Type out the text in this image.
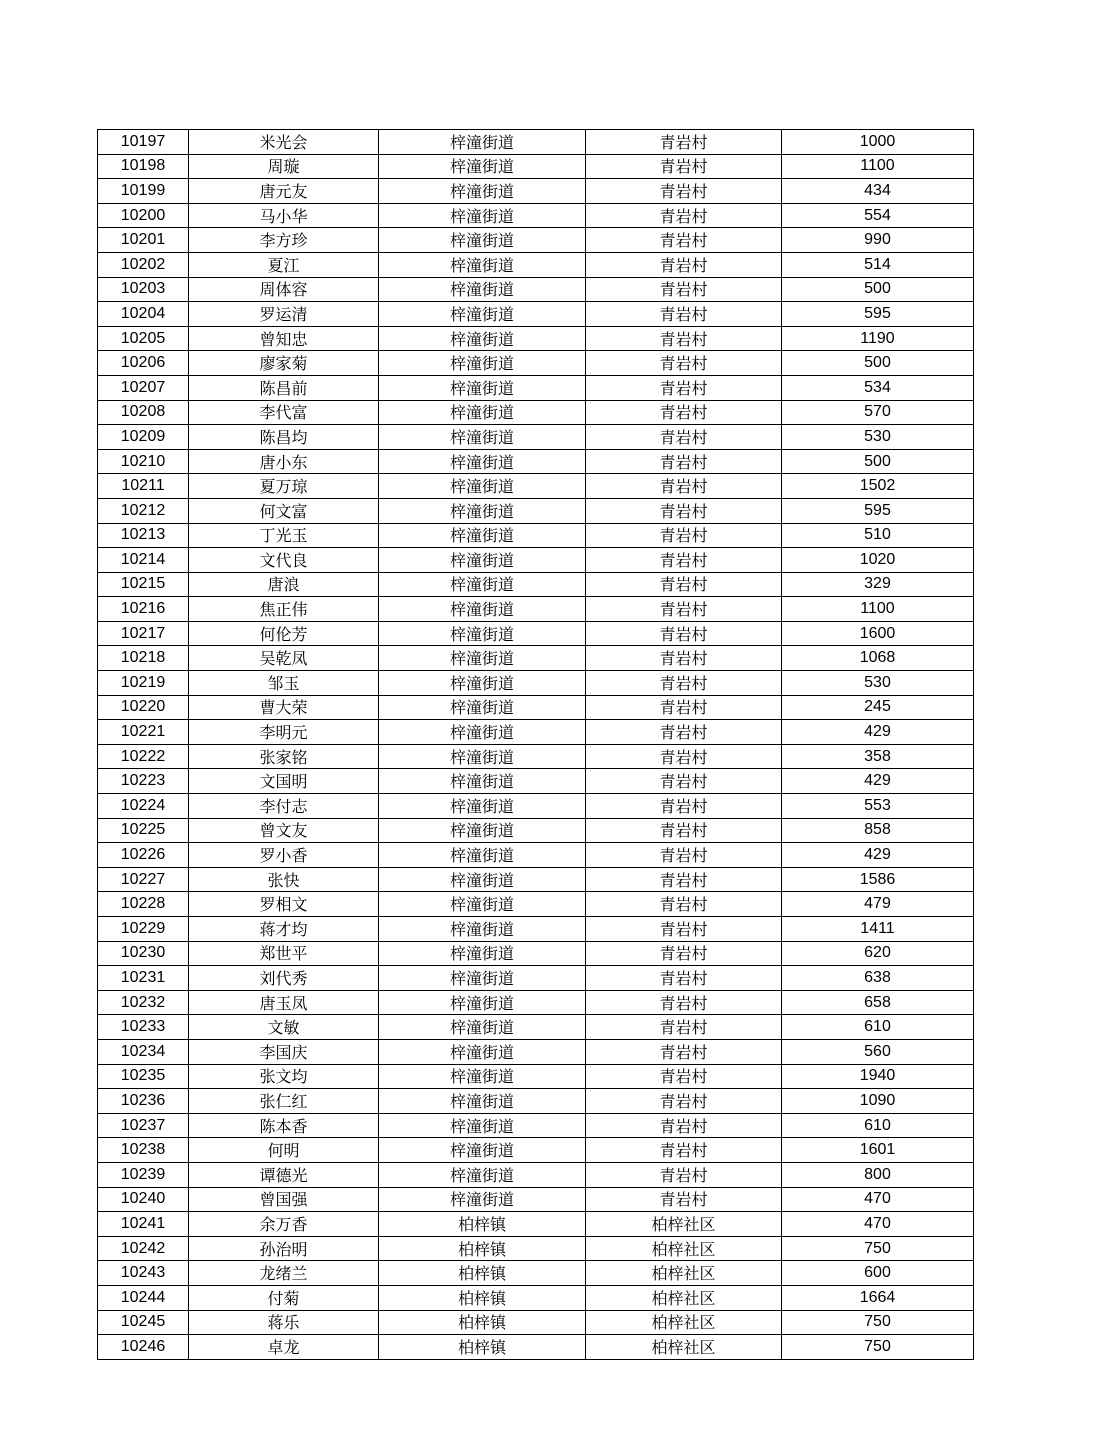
10197	米光会	梓潼街道	青岩村	1000
10198	周璇	梓潼街道	青岩村	1100
10199	唐元友	梓潼街道	青岩村	434
10200	马小华	梓潼街道	青岩村	554
10201	李方珍	梓潼街道	青岩村	990
10202	夏江	梓潼街道	青岩村	514
10203	周体容	梓潼街道	青岩村	500
10204	罗运清	梓潼街道	青岩村	595
10205	曾知忠	梓潼街道	青岩村	1190
10206	廖家菊	梓潼街道	青岩村	500
10207	陈昌前	梓潼街道	青岩村	534
10208	李代富	梓潼街道	青岩村	570
10209	陈昌均	梓潼街道	青岩村	530
10210	唐小东	梓潼街道	青岩村	500
10211	夏万琼	梓潼街道	青岩村	1502
10212	何文富	梓潼街道	青岩村	595
10213	丁光玉	梓潼街道	青岩村	510
10214	文代良	梓潼街道	青岩村	1020
10215	唐浪	梓潼街道	青岩村	329
10216	焦正伟	梓潼街道	青岩村	1100
10217	何伦芳	梓潼街道	青岩村	1600
10218	吴乾凤	梓潼街道	青岩村	1068
10219	邹玉	梓潼街道	青岩村	530
10220	曹大荣	梓潼街道	青岩村	245
10221	李明元	梓潼街道	青岩村	429
10222	张家铭	梓潼街道	青岩村	358
10223	文国明	梓潼街道	青岩村	429
10224	李付志	梓潼街道	青岩村	553
10225	曾文友	梓潼街道	青岩村	858
10226	罗小香	梓潼街道	青岩村	429
10227	张快	梓潼街道	青岩村	1586
10228	罗相文	梓潼街道	青岩村	479
10229	蒋才均	梓潼街道	青岩村	1411
10230	郑世平	梓潼街道	青岩村	620
10231	刘代秀	梓潼街道	青岩村	638
10232	唐玉凤	梓潼街道	青岩村	658
10233	文敏	梓潼街道	青岩村	610
10234	李国庆	梓潼街道	青岩村	560
10235	张文均	梓潼街道	青岩村	1940
10236	张仁红	梓潼街道	青岩村	1090
10237	陈本香	梓潼街道	青岩村	610
10238	何明	梓潼街道	青岩村	1601
10239	谭德光	梓潼街道	青岩村	800
10240	曾国强	梓潼街道	青岩村	470
10241	余万香	柏梓镇	柏梓社区	470
10242	孙治明	柏梓镇	柏梓社区	750
10243	龙绪兰	柏梓镇	柏梓社区	600
10244	付菊	柏梓镇	柏梓社区	1664
10245	蒋乐	柏梓镇	柏梓社区	750
10246	卓龙	柏梓镇	柏梓社区	750
